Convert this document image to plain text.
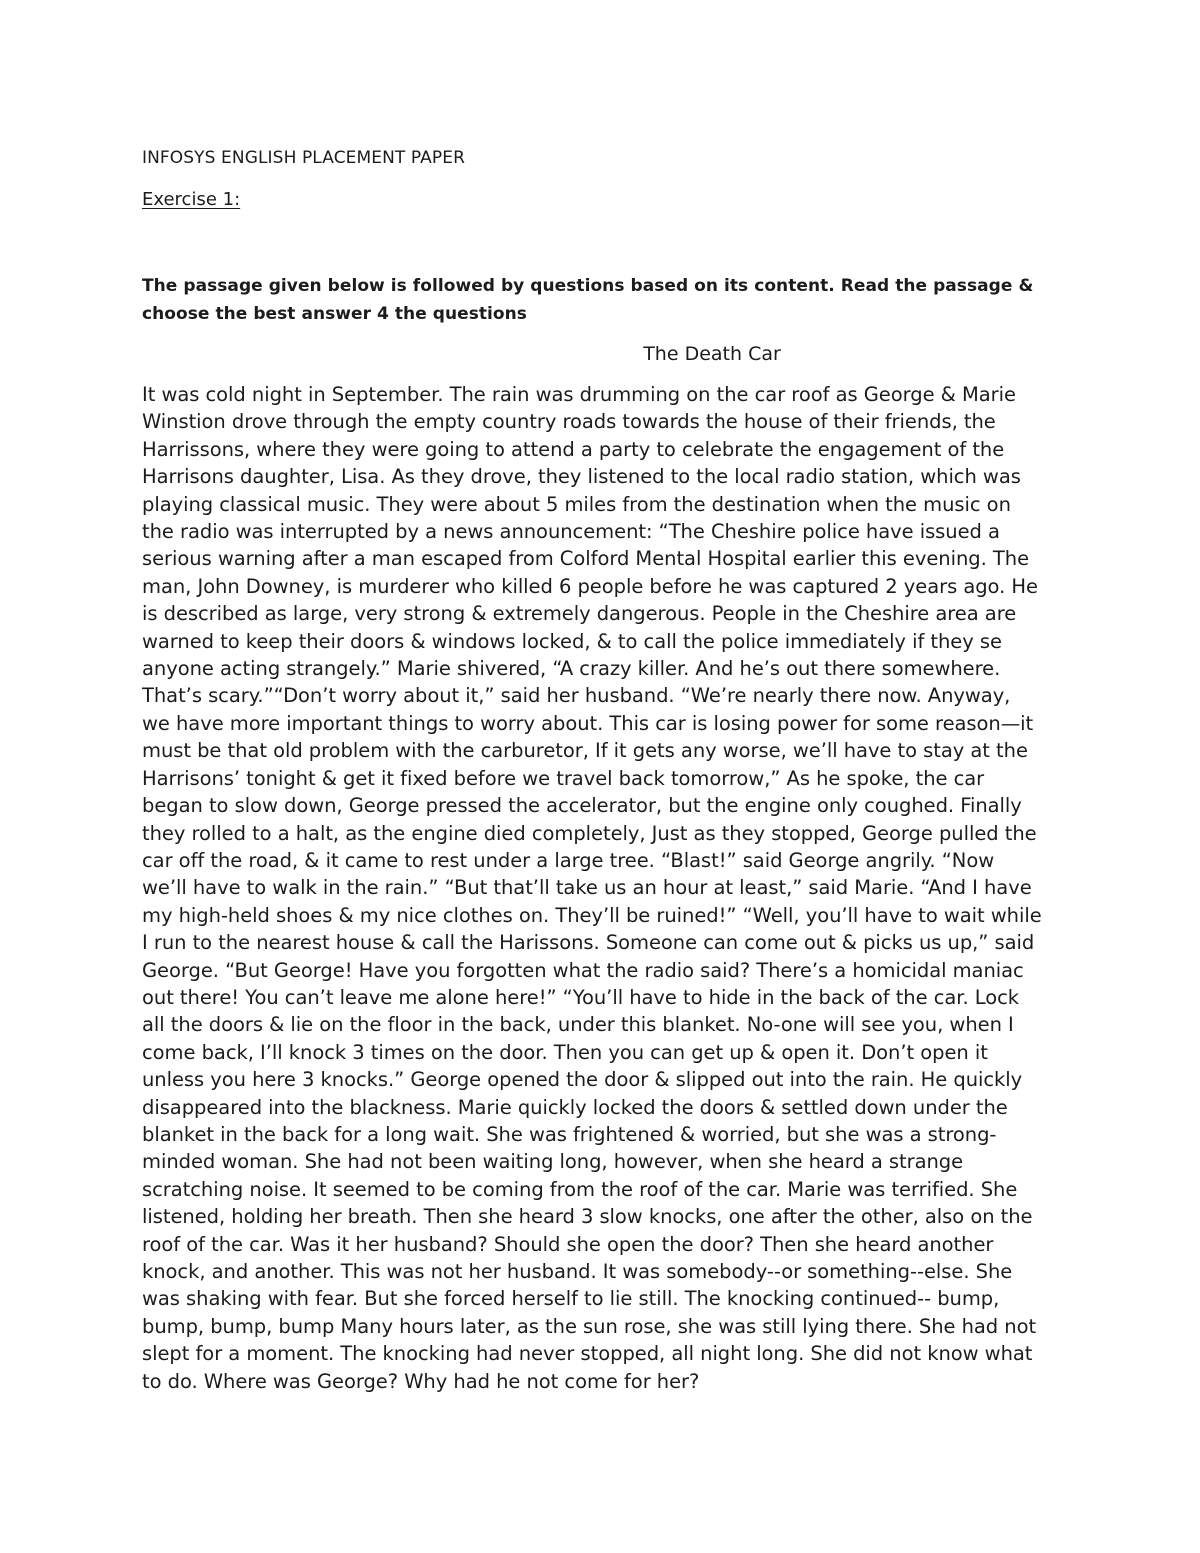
INFOSYS ENGLISH PLACEMENT PAPER
Exercise 1:
The passage given below is followed by questions based on its content. Read the passage &
choose the best answer 4 the questions
The Death Car
It was cold night in September. The rain was drumming on the car roof as George & Marie
Winstion drove through the empty country roads towards the house of their friends, the
Harrissons, where they were going to attend a party to celebrate the engagement of the
Harrisons daughter, Lisa. As they drove, they listened to the local radio station, which was
playing classical music. They were about 5 miles from the destination when the music on
the radio was interrupted by a news announcement: “The Cheshire police have issued a
serious warning after a man escaped from Colford Mental Hospital earlier this evening. The
man, John Downey, is murderer who killed 6 people before he was captured 2 years ago. He
is described as large, very strong & extremely dangerous. People in the Cheshire area are
warned to keep their doors & windows locked, & to call the police immediately if they se
anyone acting strangely.” Marie shivered, “A crazy killer. And he’s out there somewhere.
That’s scary.”“Don’t worry about it,” said her husband. “We’re nearly there now. Anyway,
we have more important things to worry about. This car is losing power for some reason—it
must be that old problem with the carburetor, If it gets any worse, we’ll have to stay at the
Harrisons’ tonight & get it fixed before we travel back tomorrow,” As he spoke, the car
began to slow down, George pressed the accelerator, but the engine only coughed. Finally
they rolled to a halt, as the engine died completely, Just as they stopped, George pulled the
car off the road, & it came to rest under a large tree. “Blast!” said George angrily. “Now
we’ll have to walk in the rain.” “But that’ll take us an hour at least,” said Marie. “And I have
my high-held shoes & my nice clothes on. They’ll be ruined!” “Well, you’ll have to wait while
I run to the nearest house & call the Harissons. Someone can come out & picks us up,” said
George. “But George! Have you forgotten what the radio said? There’s a homicidal maniac
out there! You can’t leave me alone here!” “You’ll have to hide in the back of the car. Lock
all the doors & lie on the floor in the back, under this blanket. No-one will see you, when I
come back, I’ll knock 3 times on the door. Then you can get up & open it. Don’t open it
unless you here 3 knocks.” George opened the door & slipped out into the rain. He quickly
disappeared into the blackness. Marie quickly locked the doors & settled down under the
blanket in the back for a long wait. She was frightened & worried, but she was a strong-
minded woman. She had not been waiting long, however, when she heard a strange
scratching noise. It seemed to be coming from the roof of the car. Marie was terrified. She
listened, holding her breath. Then she heard 3 slow knocks, one after the other, also on the
roof of the car. Was it her husband? Should she open the door? Then she heard another
knock, and another. This was not her husband. It was somebody--or something--else. She
was shaking with fear. But she forced herself to lie still. The knocking continued-- bump,
bump, bump, bump Many hours later, as the sun rose, she was still lying there. She had not
slept for a moment. The knocking had never stopped, all night long. She did not know what
to do. Where was George? Why had he not come for her?
